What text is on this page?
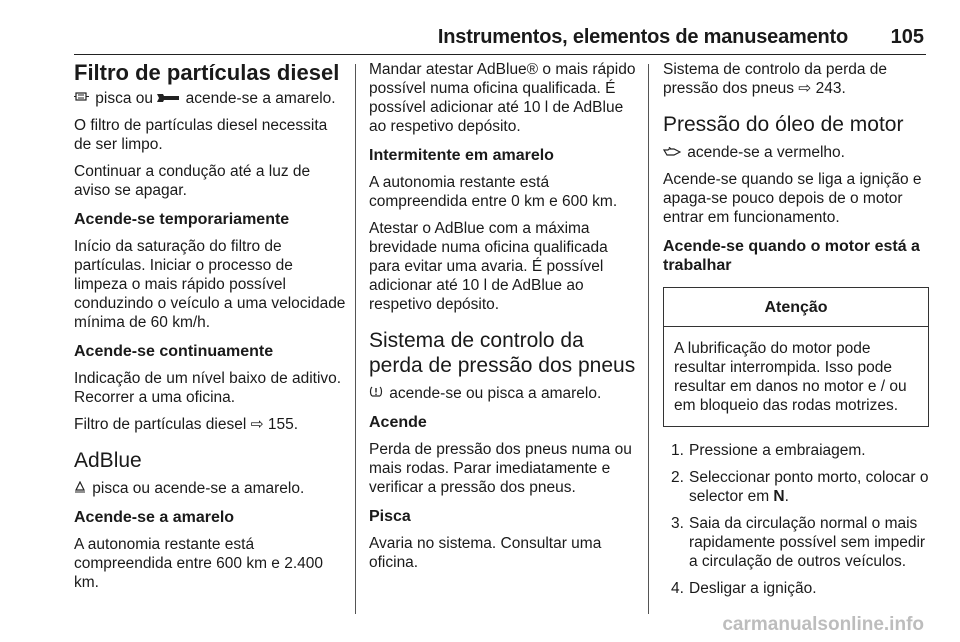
Instrumentos, elementos de manuseamento 105
Filtro de partículas diesel

pisca ou  acende-se a amarelo.

O filtro de partículas diesel necessita de ser limpo.

Continuar a condução até a luz de aviso se apagar.

Acende-se temporariamente

Início da saturação do filtro de partículas. Iniciar o processo de limpeza o mais rápido possível conduzindo o veículo a uma velocidade mínima de 60 km/h.

Acende-se continuamente

Indicação de um nível baixo de aditivo. Recorrer a uma oficina.

Filtro de partículas diesel ⇨ 155.

AdBlue

pisca ou acende-se a amarelo.

Acende-se a amarelo

A autonomia restante está compreendida entre 600 km e 2.400 km.

Mandar atestar AdBlue® o mais rápido possível numa oficina qualificada. É possível adicionar até 10 l de AdBlue ao respetivo depósito.

Intermitente em amarelo

A autonomia restante está compreendida entre 0 km e 600 km.

Atestar o AdBlue com a máxima brevidade numa oficina qualificada para evitar uma avaria. É possível adicionar até 10 l de AdBlue ao respetivo depósito.

Sistema de controlo da perda de pressão dos pneus

acende-se ou pisca a amarelo.

Acende

Perda de pressão dos pneus numa ou mais rodas. Parar imediatamente e verificar a pressão dos pneus.

Pisca

Avaria no sistema. Consultar uma oficina.

Sistema de controlo da perda de pressão dos pneus ⇨ 243.

Pressão do óleo de motor

acende-se a vermelho.

Acende-se quando se liga a ignição e apaga-se pouco depois de o motor entrar em funcionamento.

Acende-se quando o motor está a trabalhar
Atenção
A lubrificação do motor pode resultar interrompida. Isso pode resultar em danos no motor e / ou em bloqueio das rodas motrizes.
1. Pressione a embraiagem.
2. Seleccionar ponto morto, colocar o selector em N.
3. Saia da circulação normal o mais rapidamente possível sem impedir a circulação de outros veículos.
4. Desligar a ignição.
carmanualsonline.info
